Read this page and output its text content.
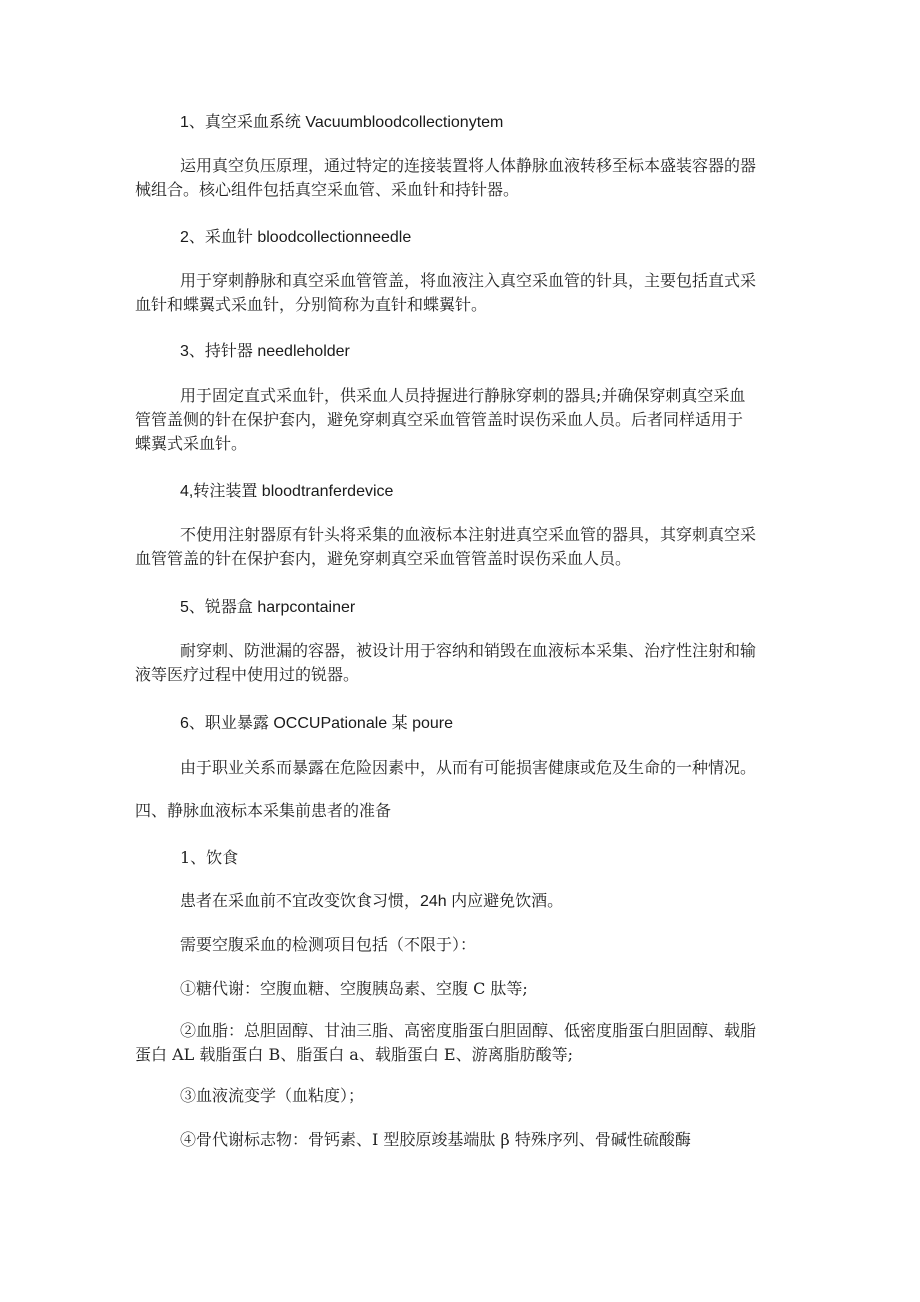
1、真空采血系统 Vacuumbloodcollectionytem
运用真空负压原理，通过特定的连接装置将人体静脉血液转移至标本盛装容器的器
械组合。核心组件包括真空采血管、采血针和持针器。
2、采血针 bloodcollectionneedle
用于穿刺静脉和真空采血管管盖，将血液注入真空采血管的针具，主要包括直式采
血针和蝶翼式采血针，分别简称为直针和蝶翼针。
3、持针器 needleholder
用于固定直式采血针，供采血人员持握进行静脉穿刺的器具;并确保穿刺真空采血
管管盖侧的针在保护套内，避免穿刺真空采血管管盖时误伤采血人员。后者同样适用于
蝶翼式采血针。
4,转注装置 bloodtranferdevice
不使用注射器原有针头将采集的血液标本注射进真空采血管的器具，其穿刺真空采
血管管盖的针在保护套内，避免穿刺真空采血管管盖时误伤采血人员。
5、锐器盒 harpcontainer
耐穿刺、防泄漏的容器，被设计用于容纳和销毁在血液标本采集、治疗性注射和输
液等医疗过程中使用过的锐器。
6、职业暴露 OCCUPationale 某 poure
由于职业关系而暴露在危险因素中，从而有可能损害健康或危及生命的一种情况。
四、静脉血液标本采集前患者的准备
1、饮食
患者在采血前不宜改变饮食习惯，24h 内应避免饮酒。
需要空腹采血的检测项目包括（不限于）：
①糖代谢：空腹血糖、空腹胰岛素、空腹 C 肽等;
②血脂：总胆固醇、甘油三脂、高密度脂蛋白胆固醇、低密度脂蛋白胆固醇、载脂
蛋白 AL 载脂蛋白 B、脂蛋白 a、载脂蛋白 E、游离脂肪酸等;
③血液流变学（血粘度）；
④骨代谢标志物：骨钙素、I 型胶原竣基端肽 β 特殊序列、骨碱性硫酸酶
